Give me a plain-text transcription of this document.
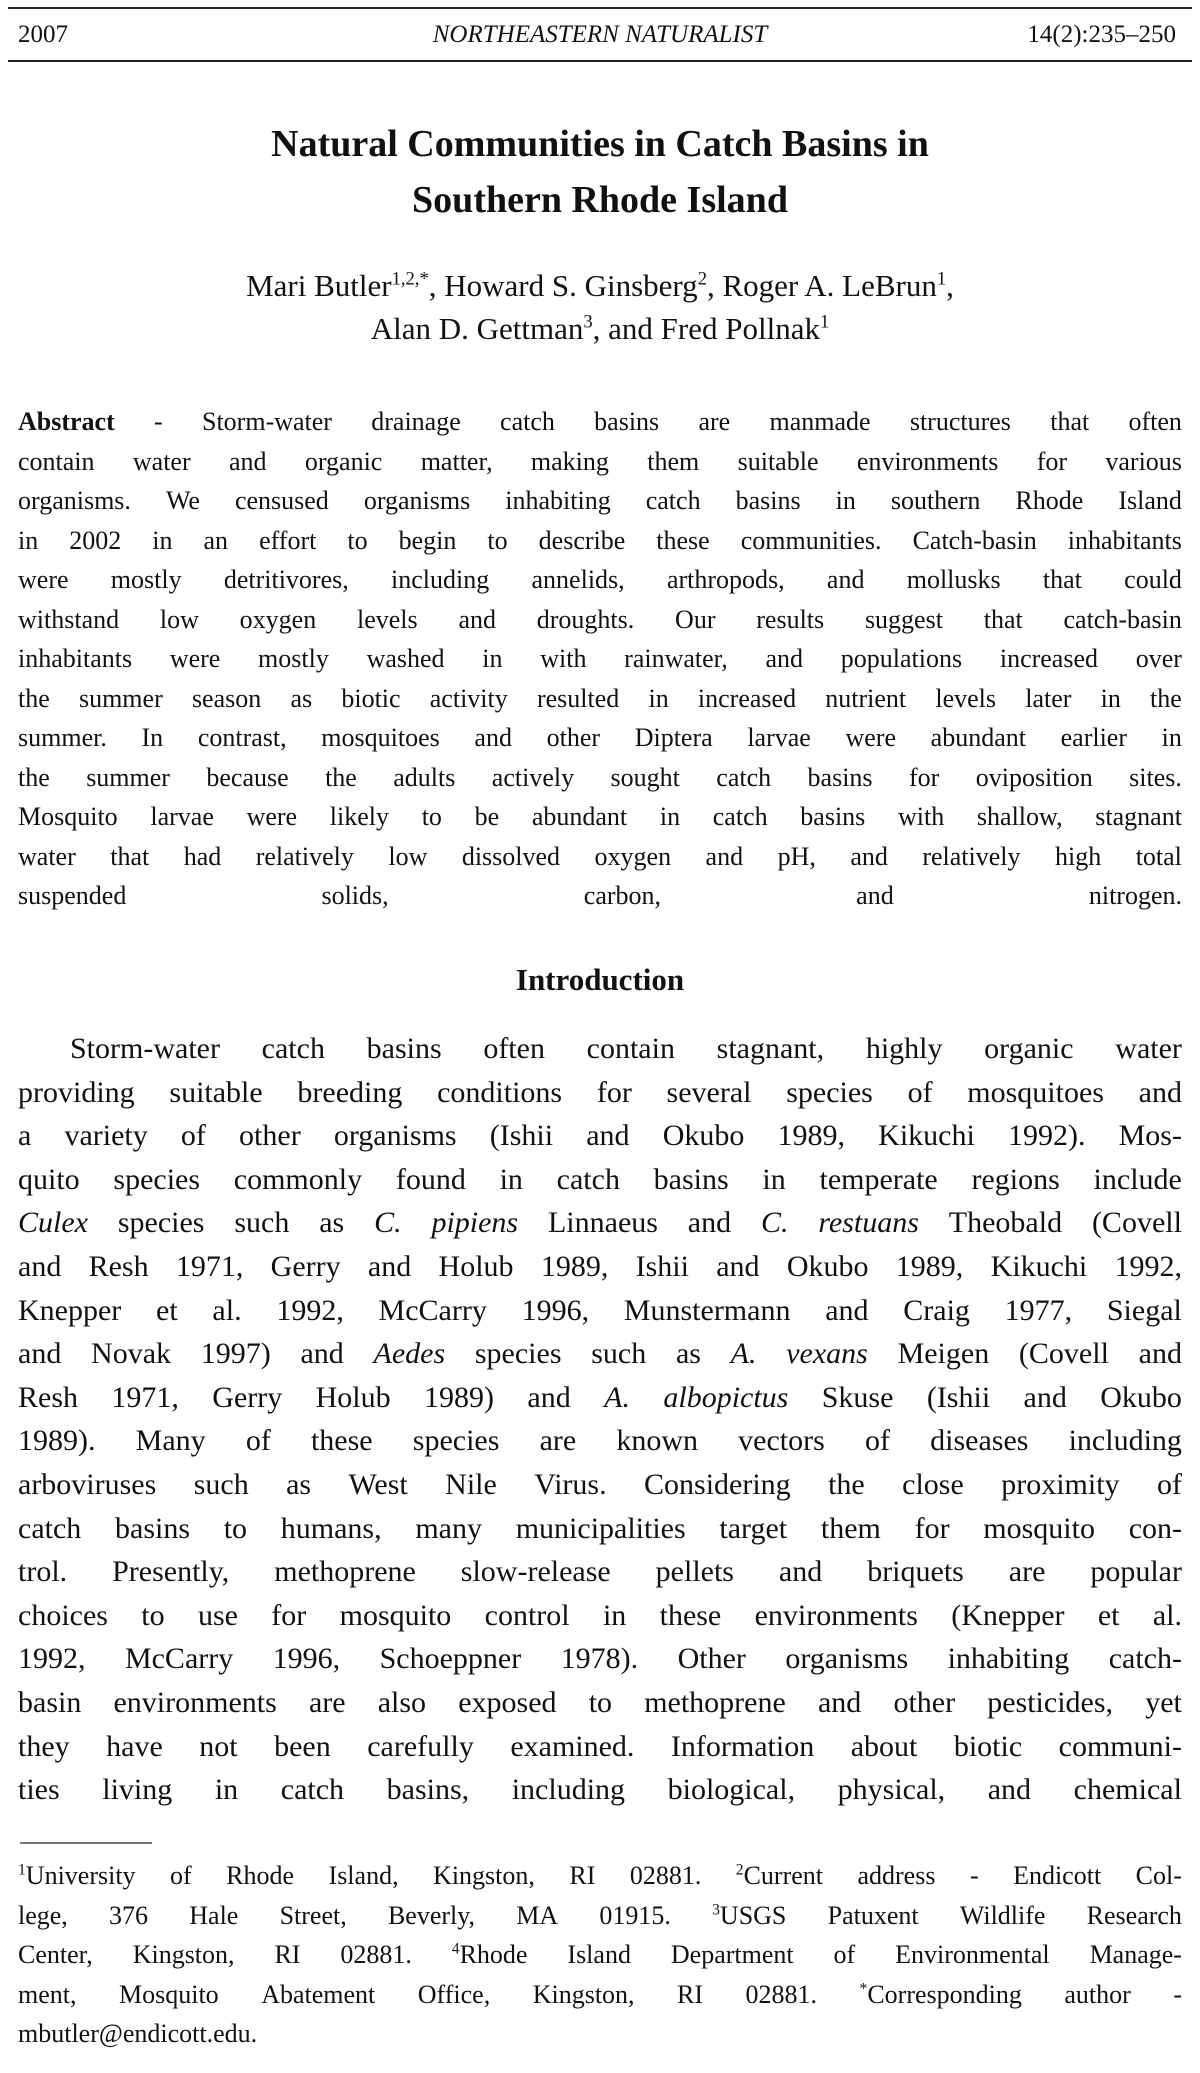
2007	NORTHEASTERN NATURALIST	14(2):235–250
Natural Communities in Catch Basins in
Southern Rhode Island
Mari Butler$^{1,2,*}$, Howard S. Ginsberg$^2$, Roger A. LeBrun$^1$,
Alan D. Gettman$^3$, and Fred Pollnak$^1$
Abstract - Storm-water drainage catch basins are manmade structures that often
contain water and organic matter, making them suitable environments for various
organisms. We censused organisms inhabiting catch basins in southern Rhode Island
in 2002 in an effort to begin to describe these communities. Catch-basin inhabitants
were mostly detritivores, including annelids, arthropods, and mollusks that could
withstand low oxygen levels and droughts. Our results suggest that catch-basin
inhabitants were mostly washed in with rainwater, and populations increased over
the summer season as biotic activity resulted in increased nutrient levels later in the
summer. In contrast, mosquitoes and other Diptera larvae were abundant earlier in
the summer because the adults actively sought catch basins for oviposition sites.
Mosquito larvae were likely to be abundant in catch basins with shallow, stagnant
water that had relatively low dissolved oxygen and pH, and relatively high total
suspended solids, carbon, and nitrogen.
Introduction
Storm-water catch basins often contain stagnant, highly organic water
providing suitable breeding conditions for several species of mosquitoes and
a variety of other organisms (Ishii and Okubo 1989, Kikuchi 1992). Mos-
quito species commonly found in catch basins in temperate regions include
Culex species such as C. pipiens Linnaeus and C. restuans Theobald (Covell
and Resh 1971, Gerry and Holub 1989, Ishii and Okubo 1989, Kikuchi 1992,
Knepper et al. 1992, McCarry 1996, Munstermann and Craig 1977, Siegal
and Novak 1997) and Aedes species such as A. vexans Meigen (Covell and
Resh 1971, Gerry Holub 1989) and A. albopictus Skuse (Ishii and Okubo
1989). Many of these species are known vectors of diseases including
arboviruses such as West Nile Virus. Considering the close proximity of
catch basins to humans, many municipalities target them for mosquito con-
trol. Presently, methoprene slow-release pellets and briquets are popular
choices to use for mosquito control in these environments (Knepper et al.
1992, McCarry 1996, Schoeppner 1978). Other organisms inhabiting catch-
basin environments are also exposed to methoprene and other pesticides, yet
they have not been carefully examined. Information about biotic communi-
ties living in catch basins, including biological, physical, and chemical
$^1$University of Rhode Island, Kingston, RI 02881. $^2$Current address - Endicott Col-
lege, 376 Hale Street, Beverly, MA 01915.	$^3$USGS Patuxent Wildlife Research
Center, Kingston, RI 02881.	$^4$Rhode Island Department of Environmental Manage-
ment, Mosquito Abatement Office, Kingston, RI 02881.	*Corresponding author -
mbutler@endicott.edu.
